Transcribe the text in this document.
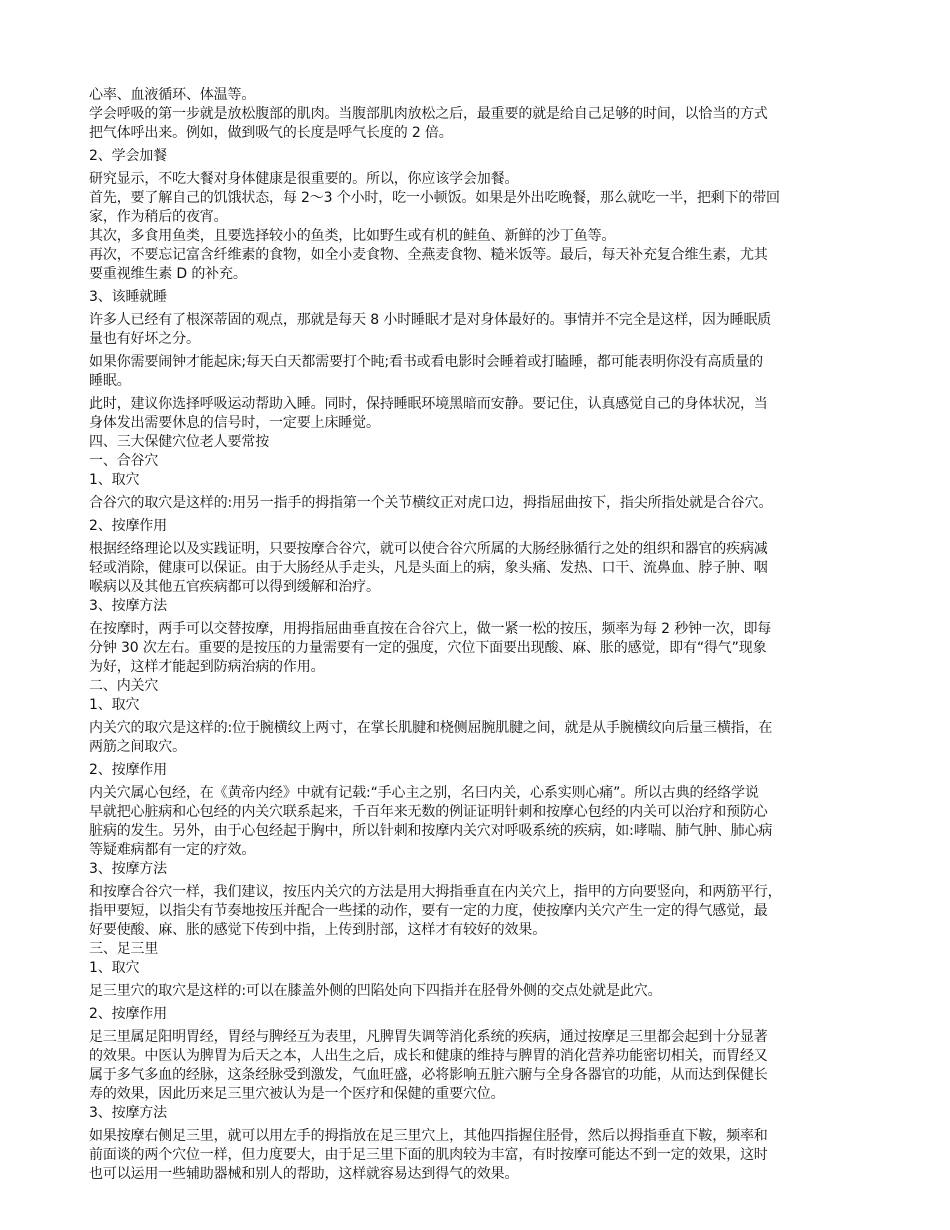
心率、血液循环、体温等。
学会呼吸的第一步就是放松腹部的肌肉。当腹部肌肉放松之后，最重要的就是给自己足够的时间，以恰当的方式
把气体呼出来。例如，做到吸气的长度是呼气长度的 2 倍。
2、学会加餐
研究显示，不吃大餐对身体健康是很重要的。所以，你应该学会加餐。
首先，要了解自己的饥饿状态，每 2～3 个小时，吃一小顿饭。如果是外出吃晚餐，那么就吃一半，把剩下的带回
家，作为稍后的夜宵。
其次，多食用鱼类，且要选择较小的鱼类，比如野生或有机的鲑鱼、新鲜的沙丁鱼等。
再次，不要忘记富含纤维素的食物，如全小麦食物、全燕麦食物、糙米饭等。最后，每天补充复合维生素，尤其
要重视维生素 D 的补充。
3、该睡就睡
许多人已经有了根深蒂固的观点，那就是每天 8 小时睡眠才是对身体最好的。事情并不完全是这样，因为睡眠质
量也有好坏之分。
如果你需要闹钟才能起床;每天白天都需要打个盹;看书或看电影时会睡着或打瞌睡，都可能表明你没有高质量的
睡眠。
此时，建议你选择呼吸运动帮助入睡。同时，保持睡眠环境黑暗而安静。要记住，认真感觉自己的身体状况，当
身体发出需要休息的信号时，一定要上床睡觉。
四、三大保健穴位老人要常按
一、合谷穴
1、取穴
合谷穴的取穴是这样的:用另一指手的拇指第一个关节横纹正对虎口边，拇指屈曲按下，指尖所指处就是合谷穴。
2、按摩作用
根据经络理论以及实践证明，只要按摩合谷穴，就可以使合谷穴所属的大肠经脉循行之处的组织和器官的疾病减
轻或消除，健康可以保证。由于大肠经从手走头，凡是头面上的病，象头痛、发热、口干、流鼻血、脖子肿、咽
喉病以及其他五官疾病都可以得到缓解和治疗。
3、按摩方法
在按摩时，两手可以交替按摩，用拇指屈曲垂直按在合谷穴上，做一紧一松的按压，频率为每 2 秒钟一次，即每
分钟 30 次左右。重要的是按压的力量需要有一定的强度，穴位下面要出现酸、麻、胀的感觉，即有“得气”现象
为好，这样才能起到防病治病的作用。
二、内关穴
1、取穴
内关穴的取穴是这样的:位于腕横纹上两寸，在掌长肌腱和桡侧屈腕肌腱之间，就是从手腕横纹向后量三横指，在
两筋之间取穴。
2、按摩作用
内关穴属心包经，在《黄帝内经》中就有记载:“手心主之别，名曰内关，心系实则心痛”。所以古典的经络学说
早就把心脏病和心包经的内关穴联系起来，千百年来无数的例证证明针刺和按摩心包经的内关可以治疗和预防心
脏病的发生。另外，由于心包经起于胸中，所以针刺和按摩内关穴对呼吸系统的疾病，如:哮喘、肺气肿、肺心病
等疑难病都有一定的疗效。
3、按摩方法
和按摩合谷穴一样，我们建议，按压内关穴的方法是用大拇指垂直在内关穴上，指甲的方向要竖向，和两筋平行，
指甲要短，以指尖有节奏地按压并配合一些揉的动作，要有一定的力度，使按摩内关穴产生一定的得气感觉，最
好要使酸、麻、胀的感觉下传到中指，上传到肘部，这样才有较好的效果。
三、足三里
1、取穴
足三里穴的取穴是这样的:可以在膝盖外侧的凹陷处向下四指并在胫骨外侧的交点处就是此穴。
2、按摩作用
足三里属足阳明胃经，胃经与脾经互为表里，凡脾胃失调等消化系统的疾病，通过按摩足三里都会起到十分显著
的效果。中医认为脾胃为后天之本，人出生之后，成长和健康的维持与脾胃的消化营养功能密切相关，而胃经又
属于多气多血的经脉，这条经脉受到激发，气血旺盛，必将影响五脏六腑与全身各器官的功能，从而达到保健长
寿的效果，因此历来足三里穴被认为是一个医疗和保健的重要穴位。
3、按摩方法
如果按摩右侧足三里，就可以用左手的拇指放在足三里穴上，其他四指握住胫骨，然后以拇指垂直下鞍，频率和
前面谈的两个穴位一样，但力度要大，由于足三里下面的肌肉较为丰富，有时按摩可能达不到一定的效果，这时
也可以运用一些辅助器械和别人的帮助，这样就容易达到得气的效果。
